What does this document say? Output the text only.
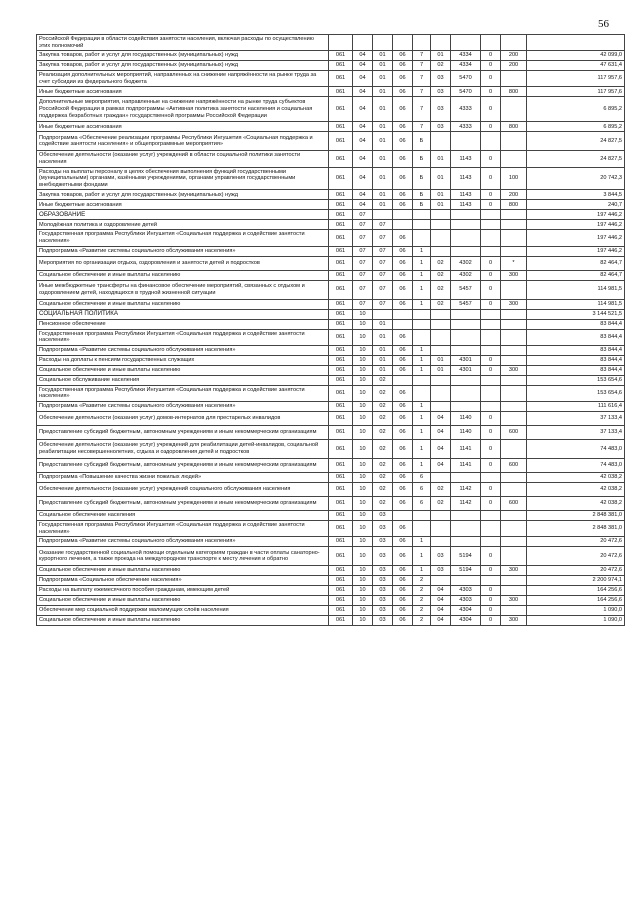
56
Российской Федерации в области содействия занятости населения, включая расходы по осуществлению этих полномочий										
Закупка товаров, работ и услуг для государственных (муниципальных) нужд	061	04	01	06	7	01	4334	0	200	42 099,0
Закупка товаров, работ и услуг для государственных (муниципальных) нужд	061	04	01	06	7	02	4334	0	200	47 631,4
Реализация дополнительных мероприятий, направленных на снижение напряжённости на рынке труда за счет субсидии из федерального бюджета	061	04	01	06	7	03	5470	0		117 957,6
Иные бюджетные ассигнования	061	04	01	06	7	03	5470	0	800	117 957,6
Дополнительные мероприятия, направленные на снижение напряжённости на рынке труда субъектов Российской Федерации в рамках подпрограммы «Активная политика занятости населения и социальная поддержка безработных граждан» государственной программы Российской Федерации	061	04	01	06	7	03	4333	0		6 895,2
Иные бюджетные ассигнования	061	04	01	06	7	03	4333	0	800	6 895,2
Подпрограмма «Обеспечение реализации программы Республики Ингушетия «Социальная поддержка и содействие занятости населения» и общепрограммные мероприятия»	061	04	01	06	Б					24 827,5
Обеспечение деятельности (оказание услуг) учреждений в области социальной политики занятости населения	061	04	01	06	Б	01	1143	0		24 827,5
Расходы на выплаты персоналу в целях обеспечения выполнения функций государственными (муниципальными) органами, казёнными учреждениями, органами управления государственными внебюджетными фондами	061	04	01	06	Б	01	1143	0	100	20 742,3
Закупка товаров, работ и услуг для государственных (муниципальных) нужд	061	04	01	06	Б	01	1143	0	200	3 844,5
Иные бюджетные ассигнования	061	04	01	06	Б	01	1143	0	800	240,7
ОБРАЗОВАНИЕ	061	07								197 446,2
Молодёжная политика и оздоровление детей	061	07	07							197 446,2
Государственная программа Республики Ингушетия «Социальная поддержка и содействие занятости населения»	061	07	07	06						197 446,2
Подпрограмма «Развитие системы социального обслуживания населения»	061	07	07	06	1					197 446,2
Мероприятия по организации отдыха, оздоровления и занятости детей и подростков	061	07	07	06	1	02	4302	0	*	82 464,7
Социальное обеспечение и иные выплаты населению	061	07	07	06	1	02	4302	0	300	82 464,7
Иные межбюджетные трансферты на финансовое обеспечение мероприятий, связанных с отдыхом и оздоровлением детей, находящихся в трудной жизненной ситуации	061	07	07	06	1	02	5457	0		114 981,5
Социальное обеспечение и иные выплаты населению	061	07	07	06	1	02	5457	0	300	114 981,5
СОЦИАЛЬНАЯ ПОЛИТИКА	061	10								3 144 521,5
Пенсионное обеспечение	061	10	01							83 844,4
Государственная программа Республики Ингушетия «Социальная поддержка и содействие занятости населения»	061	10	01	06						83 844,4
Подпрограмма «Развитие системы социального обслуживания населения»	061	10	01	06	1					83 844,4
Расходы на доплаты к пенсиям государственных служащих	061	10	01	06	1	01	4301	0		83 844,4
Социальное обеспечение и иные выплаты населению	061	10	01	06	1	01	4301	0	300	83 844,4
Социальное обслуживание населения	061	10	02							153 654,6
Государственная программа Республики Ингушетия «Социальная поддержка и содействие занятости населения»	061	10	02	06						153 654,6
Подпрограмма «Развитие системы социального обслуживания населения»	061	10	02	06	1					111 616,4
Обеспечение деятельности (оказания услуг) домов-интернатов для престарелых инвалидов	061	10	02	06	1	04	1140	0		37 133,4
Предоставление субсидий бюджетным, автономным учреждениям и иным некоммерческим организациям	061	10	02	06	1	04	1140	0	600	37 133,4
Обеспечение деятельности (оказание услуг) учреждений для реабилитации детей-инвалидов, социальной реабилитации несовершеннолетних, сгдыха и оздоровления детей и подростков	061	10	02	06	1	04	1141	0		74 483,0
Предоставление субсидий бюджетным, автономным учреждениям и иным некоммерческим организациям	061	10	02	06	1	04	1141	0	600	74 483,0
Подпрограмма «Повышение качества жизни пожилых людей»	061	10	02	06	6					42 038,2
Обеспечение деятельности (оказание услуг) учреждений социального обслуживания населения	061	10	02	06	6	02	1142	0		42 038,2
Предоставление субсидий бюджетным, автономным учреждениям и иным некоммерческим организациям	061	10	02	06	6	02	1142	0	600	42 038,2
Социальное обеспечение населения	061	10	03							2 848 381,0
Государственная программа Республики Ингушетия «Социальная поддержка и содействие занятости населения»	061	10	03	06						2 848 381,0
Подпрограмма «Развитие системы социального обслуживания населения»	061	10	03	06	1					20 472,6
Оказание государственной социальной помощи отдельным категориям граждан в части оплаты санаторно-курортного лечения, а также проезда на междугородном транспорте к месту лечения и обратно	061	10	03	06	1	03	5194	0		20 472,6
Социальное обеспечение и иные выплаты населению	061	10	03	06	1	03	5194	0	300	20 472,6
Подпрограмма «Социальное обеспечение населения»	061	10	03	06	2					2 200 974,1
Расходы на выплату ежемесячного пособия гражданам, имеющим детей	061	10	03	06	2	04	4303	0		164 256,6
Социальное обеспечение и иные выплаты населению	061	10	03	06	2	04	4303	0	300	164 256,6
Обеспечение мер социальной поддержки малоимущих слоёв населения	061	10	03	06	2	04	4304	0		1 090,0
Социальное обеспечение и иные выплаты населению	061	10	03	06	2	04	4304	0	300	1 090,0
